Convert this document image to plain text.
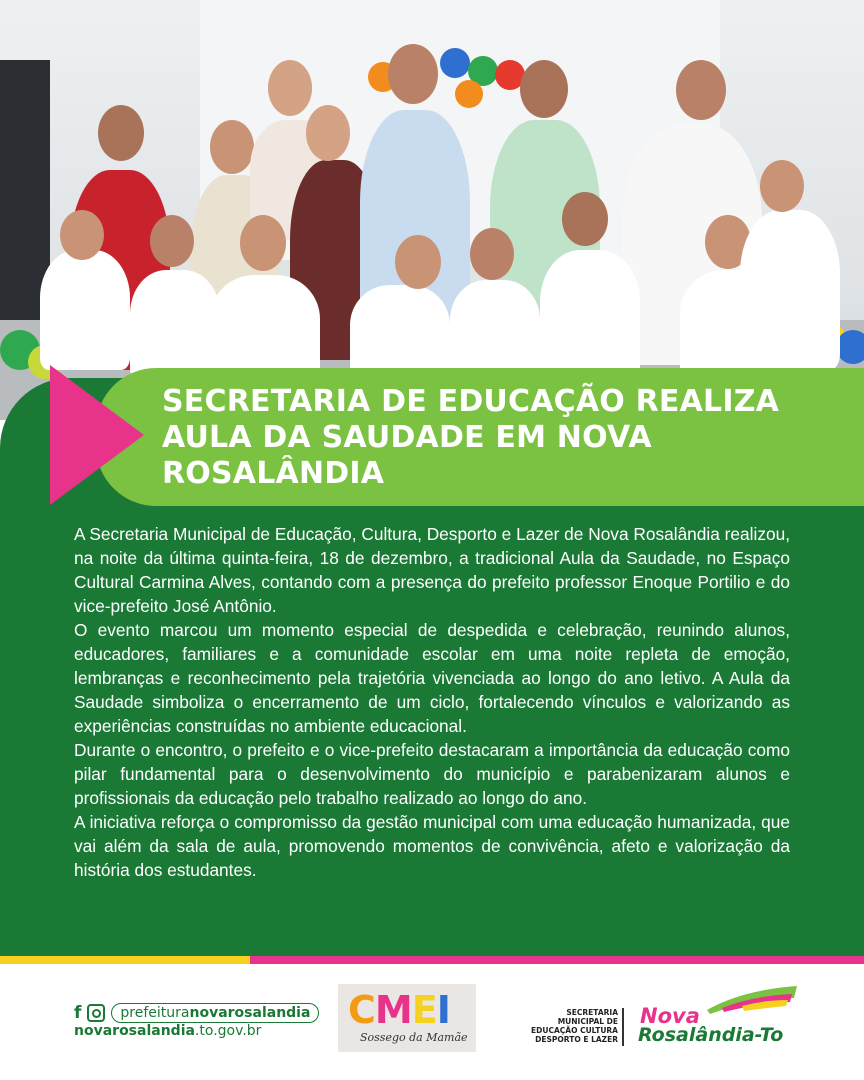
SECRETARIA DE EDUCAÇÃO REALIZA AULA DA SAUDADE EM NOVA ROSALÂNDIA

A Secretaria Municipal de Educação, Cultura, Desporto e Lazer de Nova Rosalândia realizou, na noite da última quinta-feira, 18 de dezembro, a tradicional Aula da Saudade, no Espaço Cultural Carmina Alves, contando com a presença do prefeito professor Enoque Portilio e do vice-prefeito José Antônio.

O evento marcou um momento especial de despedida e celebração, reunindo alunos, educadores, familiares e a comunidade escolar em uma noite repleta de emoção, lembranças e reconhecimento pela trajetória vivenciada ao longo do ano letivo. A Aula da Saudade simboliza o encerramento de um ciclo, fortalecendo vínculos e valorizando as experiências construídas no ambiente educacional.

Durante o encontro, o prefeito e o vice-prefeito destacaram a importância da educação como pilar fundamental para o desenvolvimento do município e parabenizaram alunos e profissionais da educação pelo trabalho realizado ao longo do ano.

A iniciativa reforça o compromisso da gestão municipal com uma educação humanizada, que vai além da sala de aula, promovendo momentos de convivência, afeto e valorização da história dos estudantes.

f	prefeituranovarosalandia
novarosalandia.to.gov.br CMEI
Sossego da Mamãe
SECRETARIA
MUNICIPAL DE
EDUCAÇÃO CULTURA
DESPORTO E LAZER
Nova
Rosalândia-To
